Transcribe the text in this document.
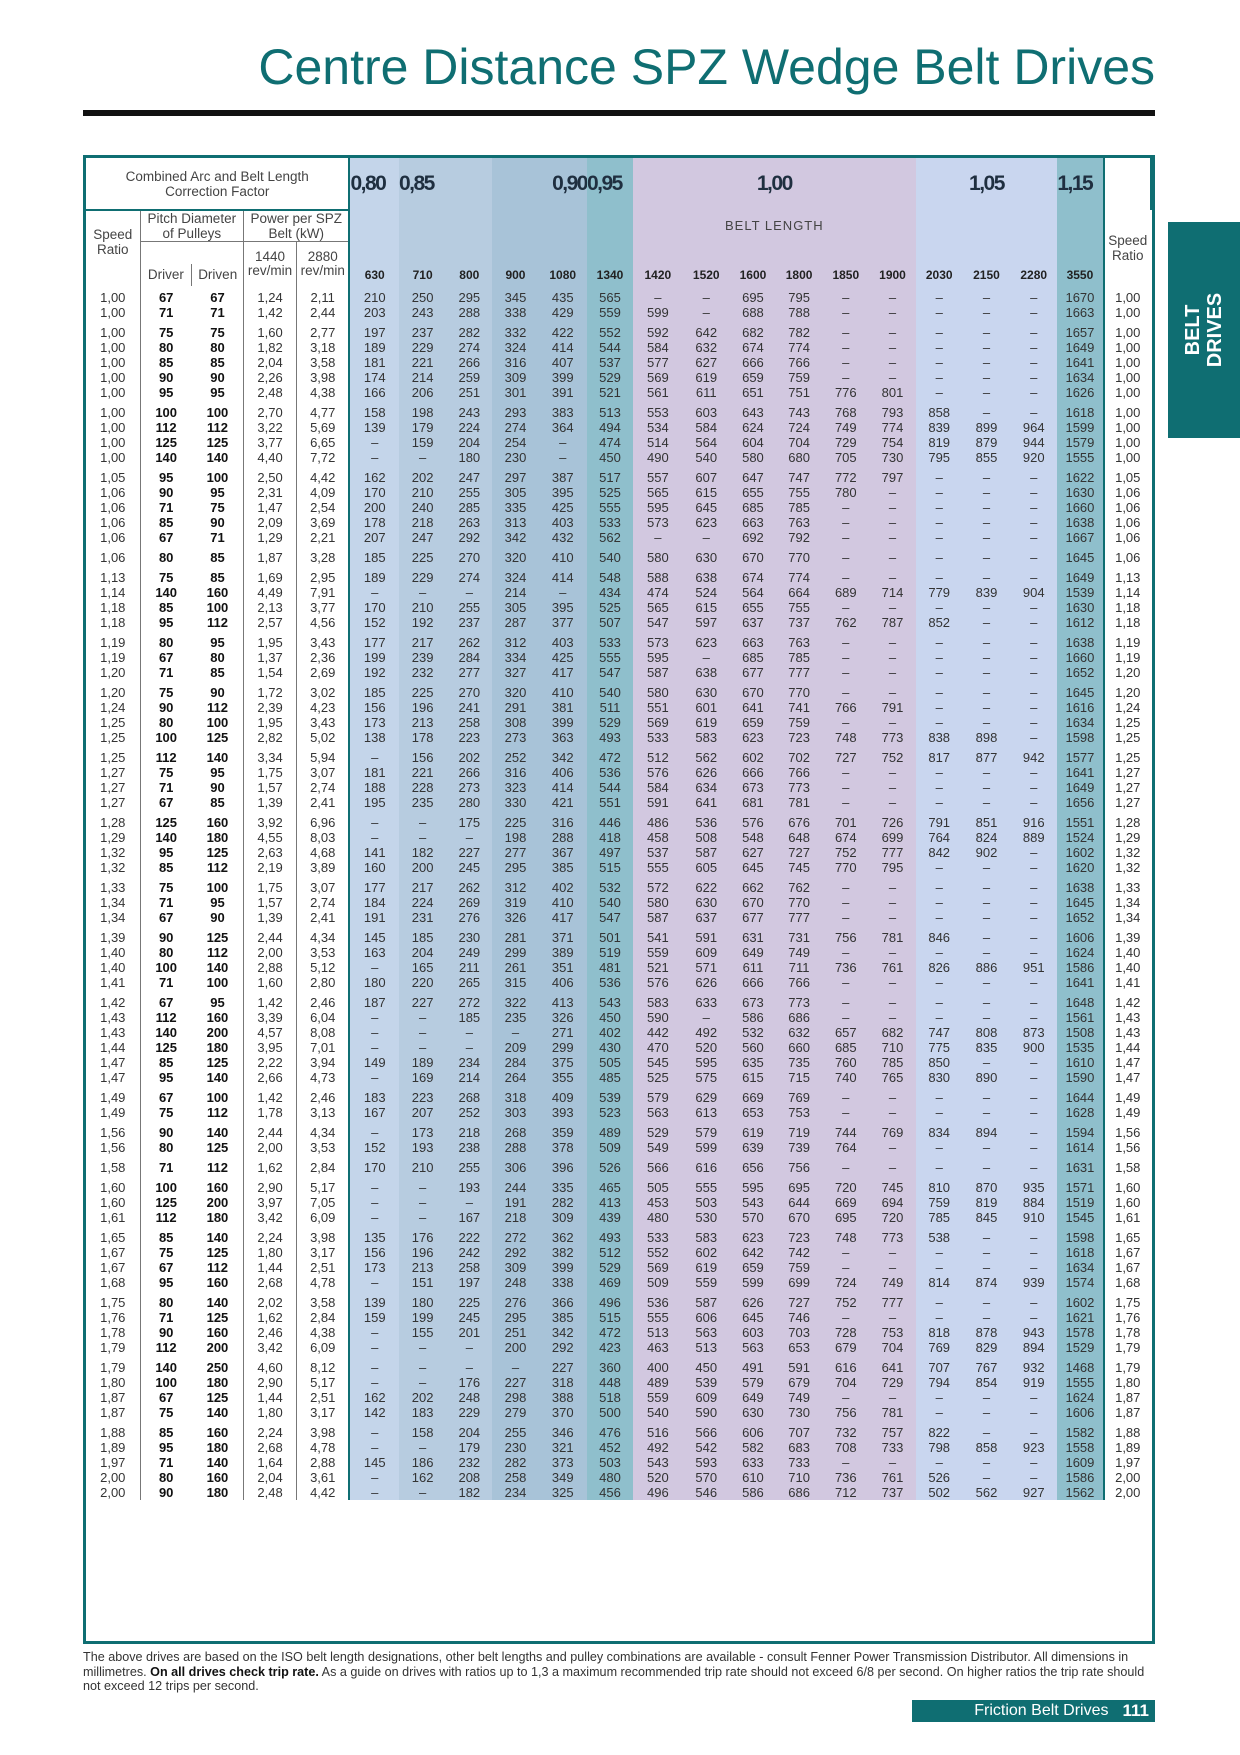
Centre Distance SPZ Wedge Belt Drives
BELT
DRIVES
Combined Arc and Belt Length Correction Factor					0,80	0,85		0,90		0,95	1,00						1,05			1,15	
Speed Ratio	Pitch Diameter of Pulleys		Power per SPZ Belt (kW)								BELT LENGTH										Speed Ratio
			1440 rev/min	2880 rev/min	630	710	800	900	1080	1340	1420	1520	1600	1800	1850	1900	2030	2150	2280	3550	
	Driver	Driven																			
1,00	67	67	1,24	2,11	210	250	295	345	435	565	–	–	695	795	–	–	–	–	–	1670	1,00
1,00	71	71	1,42	2,44	203	243	288	338	429	559	599	–	688	788	–	–	–	–	–	1663	1,00
1,00	75	75	1,60	2,77	197	237	282	332	422	552	592	642	682	782	–	–	–	–	–	1657	1,00
1,00	80	80	1,82	3,18	189	229	274	324	414	544	584	632	674	774	–	–	–	–	–	1649	1,00
1,00	85	85	2,04	3,58	181	221	266	316	407	537	577	627	666	766	–	–	–	–	–	1641	1,00
1,00	90	90	2,26	3,98	174	214	259	309	399	529	569	619	659	759	–	–	–	–	–	1634	1,00
1,00	95	95	2,48	4,38	166	206	251	301	391	521	561	611	651	751	776	801	–	–	–	1626	1,00
1,00	100	100	2,70	4,77	158	198	243	293	383	513	553	603	643	743	768	793	858	–	–	1618	1,00
1,00	112	112	3,22	5,69	139	179	224	274	364	494	534	584	624	724	749	774	839	899	964	1599	1,00
1,00	125	125	3,77	6,65	–	159	204	254	–	474	514	564	604	704	729	754	819	879	944	1579	1,00
1,00	140	140	4,40	7,72	–	–	180	230	–	450	490	540	580	680	705	730	795	855	920	1555	1,00
1,05	95	100	2,50	4,42	162	202	247	297	387	517	557	607	647	747	772	797	–	–	–	1622	1,05
1,06	90	95	2,31	4,09	170	210	255	305	395	525	565	615	655	755	780	–	–	–	–	1630	1,06
1,06	71	75	1,47	2,54	200	240	285	335	425	555	595	645	685	785	–	–	–	–	–	1660	1,06
1,06	85	90	2,09	3,69	178	218	263	313	403	533	573	623	663	763	–	–	–	–	–	1638	1,06
1,06	67	71	1,29	2,21	207	247	292	342	432	562	–	–	692	792	–	–	–	–	–	1667	1,06
1,06	80	85	1,87	3,28	185	225	270	320	410	540	580	630	670	770	–	–	–	–	–	1645	1,06
1,13	75	85	1,69	2,95	189	229	274	324	414	548	588	638	674	774	–	–	–	–	–	1649	1,13
1,14	140	160	4,49	7,91	–	–	–	214	–	434	474	524	564	664	689	714	779	839	904	1539	1,14
1,18	85	100	2,13	3,77	170	210	255	305	395	525	565	615	655	755	–	–	–	–	–	1630	1,18
1,18	95	112	2,57	4,56	152	192	237	287	377	507	547	597	637	737	762	787	852	–	–	1612	1,18
1,19	80	95	1,95	3,43	177	217	262	312	403	533	573	623	663	763	–	–	–	–	–	1638	1,19
1,19	67	80	1,37	2,36	199	239	284	334	425	555	595	–	685	785	–	–	–	–	–	1660	1,19
1,20	71	85	1,54	2,69	192	232	277	327	417	547	587	638	677	777	–	–	–	–	–	1652	1,20
1,20	75	90	1,72	3,02	185	225	270	320	410	540	580	630	670	770	–	–	–	–	–	1645	1,20
1,24	90	112	2,39	4,23	156	196	241	291	381	511	551	601	641	741	766	791	–	–	–	1616	1,24
1,25	80	100	1,95	3,43	173	213	258	308	399	529	569	619	659	759	–	–	–	–	–	1634	1,25
1,25	100	125	2,82	5,02	138	178	223	273	363	493	533	583	623	723	748	773	838	898	–	1598	1,25
1,25	112	140	3,34	5,94	–	156	202	252	342	472	512	562	602	702	727	752	817	877	942	1577	1,25
1,27	75	95	1,75	3,07	181	221	266	316	406	536	576	626	666	766	–	–	–	–	–	1641	1,27
1,27	71	90	1,57	2,74	188	228	273	323	414	544	584	634	673	773	–	–	–	–	–	1649	1,27
1,27	67	85	1,39	2,41	195	235	280	330	421	551	591	641	681	781	–	–	–	–	–	1656	1,27
1,28	125	160	3,92	6,96	–	–	175	225	316	446	486	536	576	676	701	726	791	851	916	1551	1,28
1,29	140	180	4,55	8,03	–	–	–	198	288	418	458	508	548	648	674	699	764	824	889	1524	1,29
1,32	95	125	2,63	4,68	141	182	227	277	367	497	537	587	627	727	752	777	842	902	–	1602	1,32
1,32	85	112	2,19	3,89	160	200	245	295	385	515	555	605	645	745	770	795	–	–	–	1620	1,32
1,33	75	100	1,75	3,07	177	217	262	312	402	532	572	622	662	762	–	–	–	–	–	1638	1,33
1,34	71	95	1,57	2,74	184	224	269	319	410	540	580	630	670	770	–	–	–	–	–	1645	1,34
1,34	67	90	1,39	2,41	191	231	276	326	417	547	587	637	677	777	–	–	–	–	–	1652	1,34
1,39	90	125	2,44	4,34	145	185	230	281	371	501	541	591	631	731	756	781	846	–	–	1606	1,39
1,40	80	112	2,00	3,53	163	204	249	299	389	519	559	609	649	749	–	–	–	–	–	1624	1,40
1,40	100	140	2,88	5,12	–	165	211	261	351	481	521	571	611	711	736	761	826	886	951	1586	1,40
1,41	71	100	1,60	2,80	180	220	265	315	406	536	576	626	666	766	–	–	–	–	–	1641	1,41
1,42	67	95	1,42	2,46	187	227	272	322	413	543	583	633	673	773	–	–	–	–	–	1648	1,42
1,43	112	160	3,39	6,04	–	–	185	235	326	450	590	–	586	686	–	–	–	–	–	1561	1,43
1,43	140	200	4,57	8,08	–	–	–	–	271	402	442	492	532	632	657	682	747	808	873	1508	1,43
1,44	125	180	3,95	7,01	–	–	–	209	299	430	470	520	560	660	685	710	775	835	900	1535	1,44
1,47	85	125	2,22	3,94	149	189	234	284	375	505	545	595	635	735	760	785	850	–	–	1610	1,47
1,47	95	140	2,66	4,73	–	169	214	264	355	485	525	575	615	715	740	765	830	890	–	1590	1,47
1,49	67	100	1,42	2,46	183	223	268	318	409	539	579	629	669	769	–	–	–	–	–	1644	1,49
1,49	75	112	1,78	3,13	167	207	252	303	393	523	563	613	653	753	–	–	–	–	–	1628	1,49
1,56	90	140	2,44	4,34	–	173	218	268	359	489	529	579	619	719	744	769	834	894	–	1594	1,56
1,56	80	125	2,00	3,53	152	193	238	288	378	509	549	599	639	739	764	–	–	–	–	1614	1,56
1,58	71	112	1,62	2,84	170	210	255	306	396	526	566	616	656	756	–	–	–	–	–	1631	1,58
1,60	100	160	2,90	5,17	–	–	193	244	335	465	505	555	595	695	720	745	810	870	935	1571	1,60
1,60	125	200	3,97	7,05	–	–	–	191	282	413	453	503	543	644	669	694	759	819	884	1519	1,60
1,61	112	180	3,42	6,09	–	–	167	218	309	439	480	530	570	670	695	720	785	845	910	1545	1,61
1,65	85	140	2,24	3,98	135	176	222	272	362	493	533	583	623	723	748	773	538	–	–	1598	1,65
1,67	75	125	1,80	3,17	156	196	242	292	382	512	552	602	642	742	–	–	–	–	–	1618	1,67
1,67	67	112	1,44	2,51	173	213	258	309	399	529	569	619	659	759	–	–	–	–	–	1634	1,67
1,68	95	160	2,68	4,78	–	151	197	248	338	469	509	559	599	699	724	749	814	874	939	1574	1,68
1,75	80	140	2,02	3,58	139	180	225	276	366	496	536	587	626	727	752	777	–	–	–	1602	1,75
1,76	71	125	1,62	2,84	159	199	245	295	385	515	555	606	645	746	–	–	–	–	–	1621	1,76
1,78	90	160	2,46	4,38	–	155	201	251	342	472	513	563	603	703	728	753	818	878	943	1578	1,78
1,79	112	200	3,42	6,09	–	–	–	200	292	423	463	513	563	653	679	704	769	829	894	1529	1,79
1,79	140	250	4,60	8,12	–	–	–	–	227	360	400	450	491	591	616	641	707	767	932	1468	1,79
1,80	100	180	2,90	5,17	–	–	176	227	318	448	489	539	579	679	704	729	794	854	919	1555	1,80
1,87	67	125	1,44	2,51	162	202	248	298	388	518	559	609	649	749	–	–	–	–	–	1624	1,87
1,87	75	140	1,80	3,17	142	183	229	279	370	500	540	590	630	730	756	781	–	–	–	1606	1,87
1,88	85	160	2,24	3,98	–	158	204	255	346	476	516	566	606	707	732	757	822	–	–	1582	1,88
1,89	95	180	2,68	4,78	–	–	179	230	321	452	492	542	582	683	708	733	798	858	923	1558	1,89
1,97	71	140	1,64	2,88	145	186	232	282	373	503	543	593	633	733	–	–	–	–	–	1609	1,97
2,00	80	160	2,04	3,61	–	162	208	258	349	480	520	570	610	710	736	761	526	–	–	1586	2,00
2,00	90	180	2,48	4,42	–	–	182	234	325	456	496	546	586	686	712	737	502	562	927	1562	2,00
The above drives are based on the ISO belt length designations, other belt lengths and pulley combinations are available - consult Fenner Power Transmission Distributor. All dimensions in millimetres. On all drives check trip rate. As a guide on drives with ratios up to 1,3 a maximum recommended trip rate should not exceed 6/8 per second. On higher ratios the trip rate should not exceed 12 trips per second.
Friction Belt Drives 111
